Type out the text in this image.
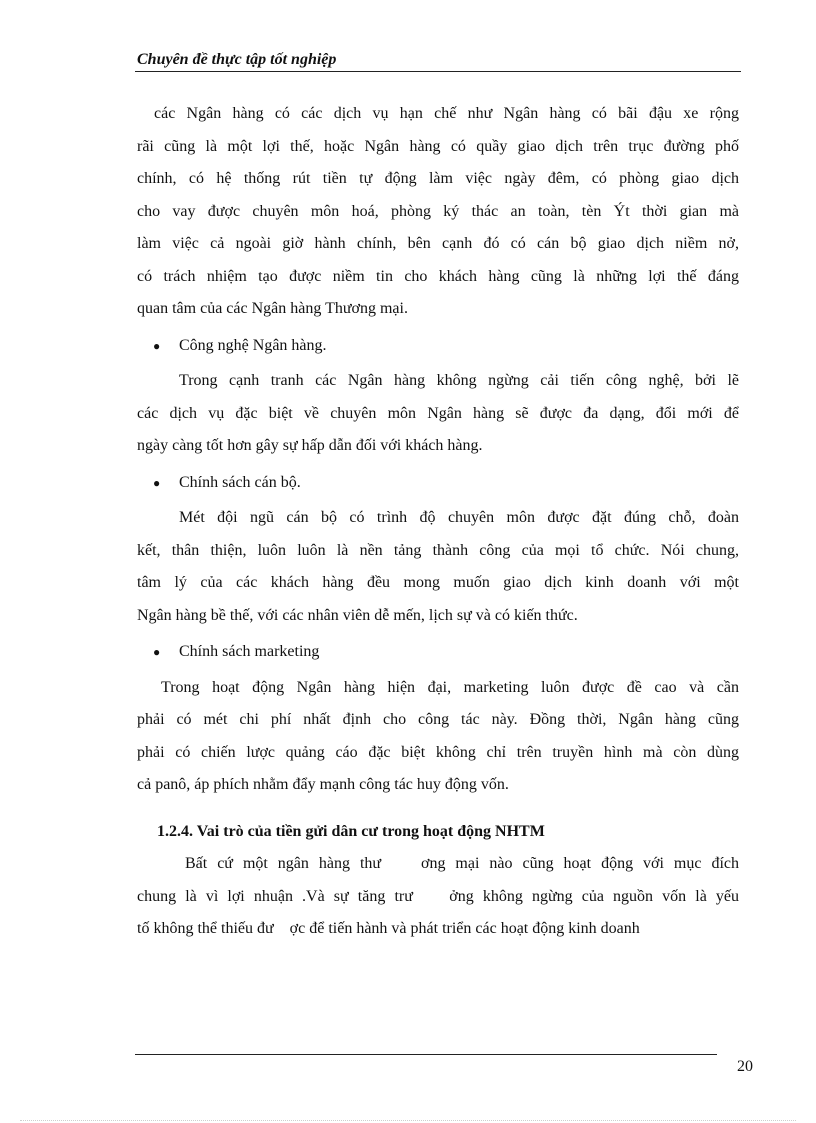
Chuyên đề thực tập tốt nghiệp
các Ngân hàng có các dịch vụ hạn chế như Ngân hàng có bãi đậu xe rộng
rãi cũng là một lợi thế, hoặc Ngân hàng có quầy giao dịch trên trục đường phố
chính, có hệ thống rút tiền tự động làm việc ngày đêm, có phòng giao dịch
cho vay được chuyên môn hoá, phòng ký thác an toàn, tèn Ýt thời gian mà
làm việc cả ngoài giờ hành chính, bên cạnh đó có cán bộ giao dịch niềm nở,
có trách nhiệm tạo được niềm tin cho khách hàng cũng là những lợi thế đáng
quan tâm của các Ngân hàng Thương mại.
●	Công nghệ Ngân hàng.
Trong cạnh tranh các Ngân hàng không ngừng cải tiến công nghệ, bởi lẽ
các dịch vụ đặc biệt về chuyên môn Ngân hàng sẽ được đa dạng, đổi mới để
ngày càng tốt hơn gây sự hấp dẫn đối với khách hàng.
●	Chính sách cán bộ.
Mét đội ngũ cán bộ có trình độ chuyên môn được đặt đúng chỗ, đoàn
kết, thân thiện, luôn luôn là nền tảng thành công của mọi tổ chức. Nói chung,
tâm lý của các khách hàng đều mong muốn giao dịch kinh doanh với một
Ngân hàng bề thế, với các nhân viên dễ mến, lịch sự và có kiến thức.
●	Chính sách marketing
Trong hoạt động Ngân hàng hiện đại, marketing luôn được đề cao và cần
phải có mét chi phí nhất định cho công tác này. Đồng thời, Ngân hàng cũng
phải có chiến lược quảng cáo đặc biệt không chỉ trên truyền hình mà còn dùng
cả panô, áp phích nhằm đẩy mạnh công tác huy động vốn.
1.2.4. Vai trò của tiền gửi dân cư trong hoạt động NHTM
Bất cứ một ngân hàng thư    ơng mại nào cũng hoạt động với mục đích
chung là vì lợi nhuận .Và sự tăng trư    ởng không ngừng của nguồn vốn là yếu
tố không thể thiếu đư    ợc để tiến hành và phát triển các hoạt động kinh doanh
20
